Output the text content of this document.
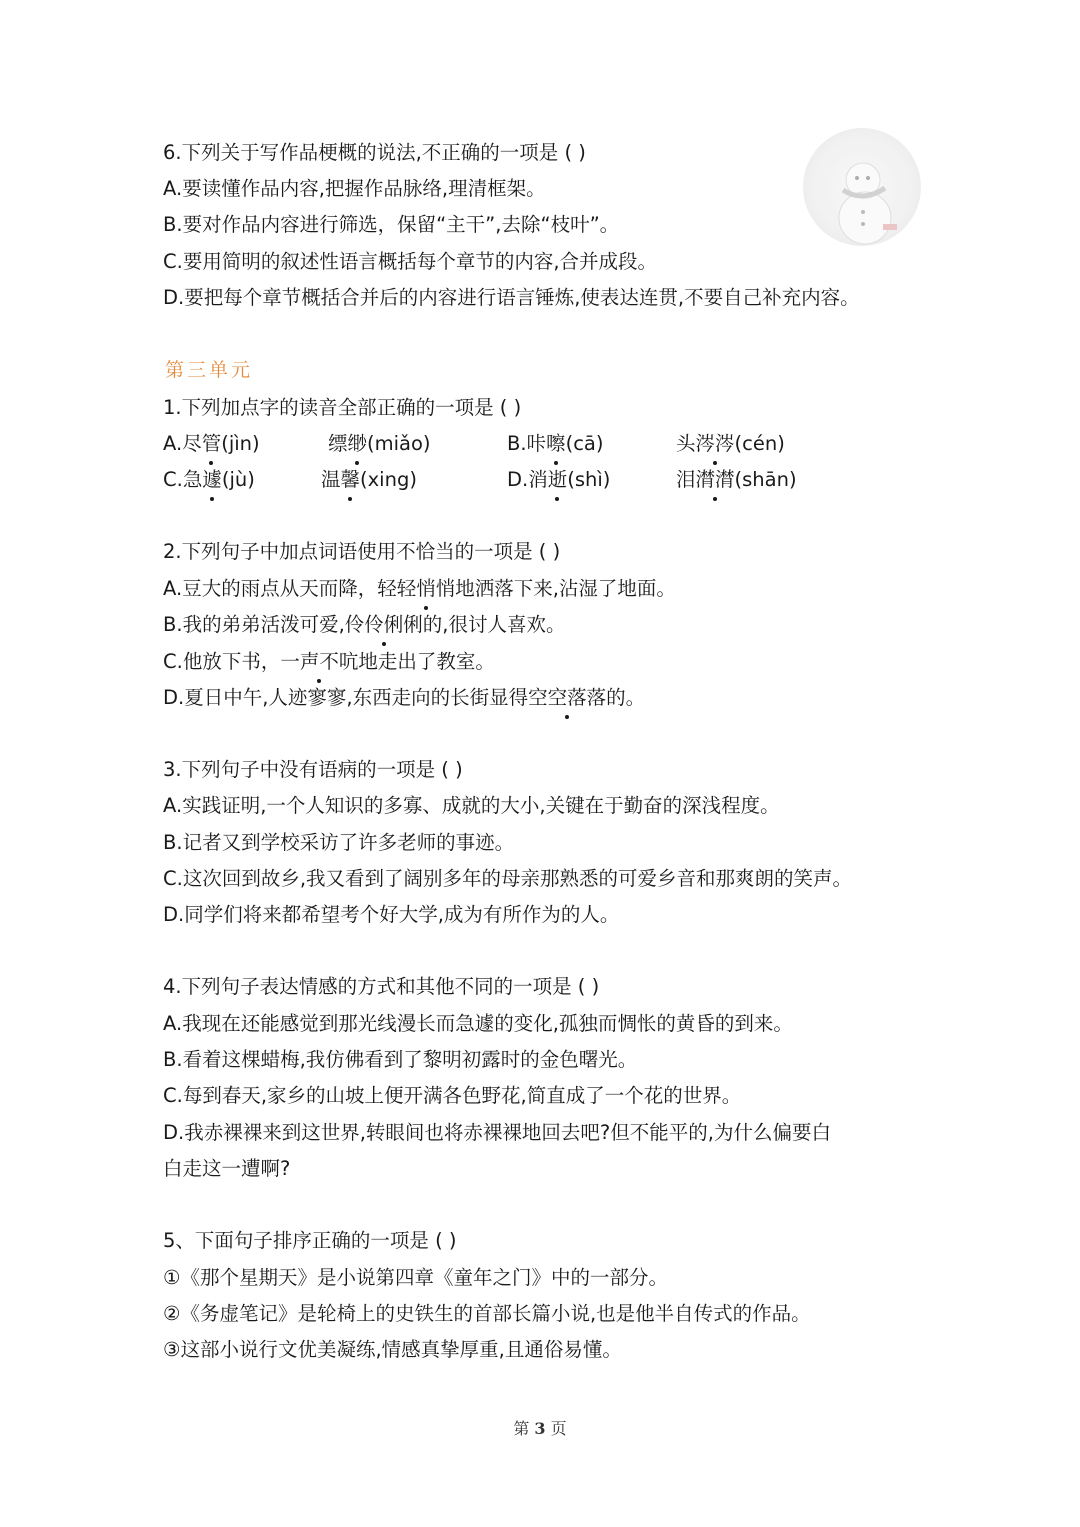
6.下列关于写作品梗概的说法,不正确的一项是 ( )
A.要读懂作品内容,把握作品脉络,理清框架。
B.要对作品内容进行筛选，保留“主干”,去除“枝叶”。
C.要用简明的叙述性语言概括每个章节的内容,合并成段。
D.要把每个章节概括合并后的内容进行语言锤炼,使表达连贯,不要自己补充内容。
第三单元
1.下列加点字的读音全部正确的一项是 ( )
A.尽管(jìn)	缥缈(miǎo)	B.咔嚓(cā)	头涔涔(cén)
C.急遽(jù)	温馨(xing)	D.消逝(shì)	泪潸潸(shān)
2.下列句子中加点词语使用不恰当的一项是 ( )
A.豆大的雨点从天而降，轻轻悄悄地洒落下来,沾湿了地面。
B.我的弟弟活泼可爱,伶伶俐俐的,很讨人喜欢。
C.他放下书，一声不吭地走出了教室。
D.夏日中午,人迹寥寥,东西走向的长街显得空空落落的。
3.下列句子中没有语病的一项是 ( )
A.实践证明,一个人知识的多寡、成就的大小,关键在于勤奋的深浅程度。
B.记者又到学校采访了许多老师的事迹。
C.这次回到故乡,我又看到了阔别多年的母亲那熟悉的可爱乡音和那爽朗的笑声。
D.同学们将来都希望考个好大学,成为有所作为的人。
4.下列句子表达情感的方式和其他不同的一项是 ( )
A.我现在还能感觉到那光线漫长而急遽的变化,孤独而惆怅的黄昏的到来。
B.看着这棵蜡梅,我仿佛看到了黎明初露时的金色曙光。
C.每到春天,家乡的山坡上便开满各色野花,简直成了一个花的世界。
D.我赤裸裸来到这世界,转眼间也将赤裸裸地回去吧?但不能平的,为什么偏要白
白走这一遭啊?
5、下面句子排序正确的一项是 ( )
①《那个星期天》是小说第四章《童年之门》中的一部分。
②《务虚笔记》是轮椅上的史铁生的首部长篇小说,也是他半自传式的作品。
③这部小说行文优美凝练,情感真挚厚重,且通俗易懂。
第 3 页
